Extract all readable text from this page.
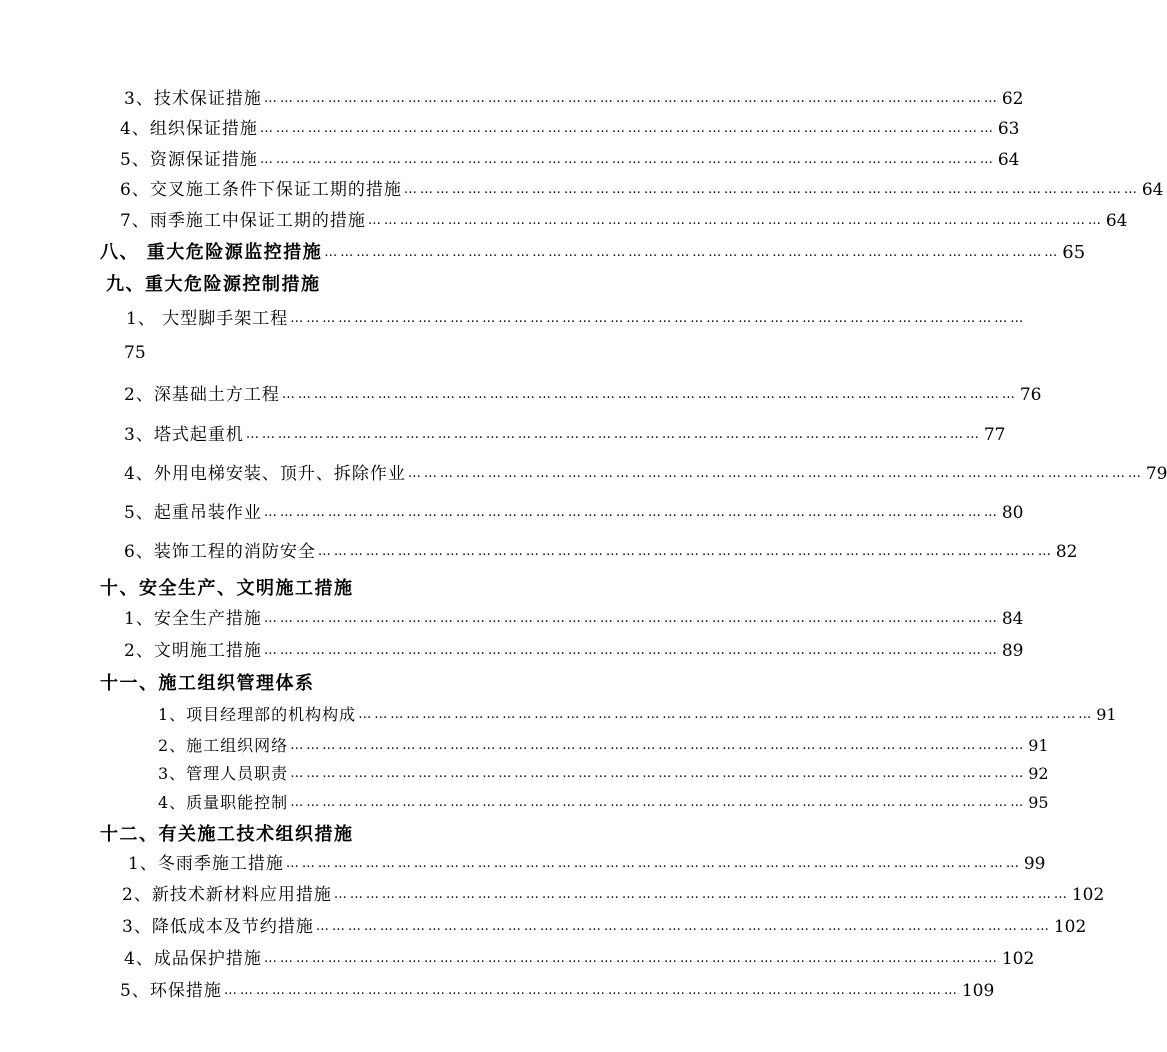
3、技术保证措施 ………………………………………………………………………………………………………………………… 62
4、组织保证措施 ………………………………………………………………………………………………………………………… 63
5、资源保证措施 ………………………………………………………………………………………………………………………… 64
6、交叉施工条件下保证工期的措施 ………………………………………………………………………………………………………………………… 64
7、雨季施工中保证工期的措施 ………………………………………………………………………………………………………………………… 64
八、 重大危险源监控措施 ………………………………………………………………………………………………………………………… 65
九、重大危险源控制措施
1、 大型脚手架工程 …………………………………………………………………………………………………………………………
75
2、深基础土方工程 ………………………………………………………………………………………………………………………… 76
3、塔式起重机 ………………………………………………………………………………………………………………………… 77
4、外用电梯安装、顶升、拆除作业 ………………………………………………………………………………………………………………………… 79
5、起重吊装作业 ………………………………………………………………………………………………………………………… 80
6、装饰工程的消防安全 ………………………………………………………………………………………………………………………… 82
十、安全生产、文明施工措施
1、安全生产措施 ………………………………………………………………………………………………………………………… 84
2、文明施工措施 ………………………………………………………………………………………………………………………… 89
十一、施工组织管理体系
1、项目经理部的机构构成 ………………………………………………………………………………………………………………………… 91
2、施工组织网络 ………………………………………………………………………………………………………………………… 91
3、管理人员职责 ………………………………………………………………………………………………………………………… 92
4、质量职能控制 ………………………………………………………………………………………………………………………… 95
十二、有关施工技术组织措施
1、冬雨季施工措施 ………………………………………………………………………………………………………………………… 99
2、新技术新材料应用措施 ………………………………………………………………………………………………………………………… 102
3、降低成本及节约措施 ………………………………………………………………………………………………………………………… 102
4、成品保护措施 ………………………………………………………………………………………………………………………… 102
5、环保措施 ………………………………………………………………………………………………………………………… 109
